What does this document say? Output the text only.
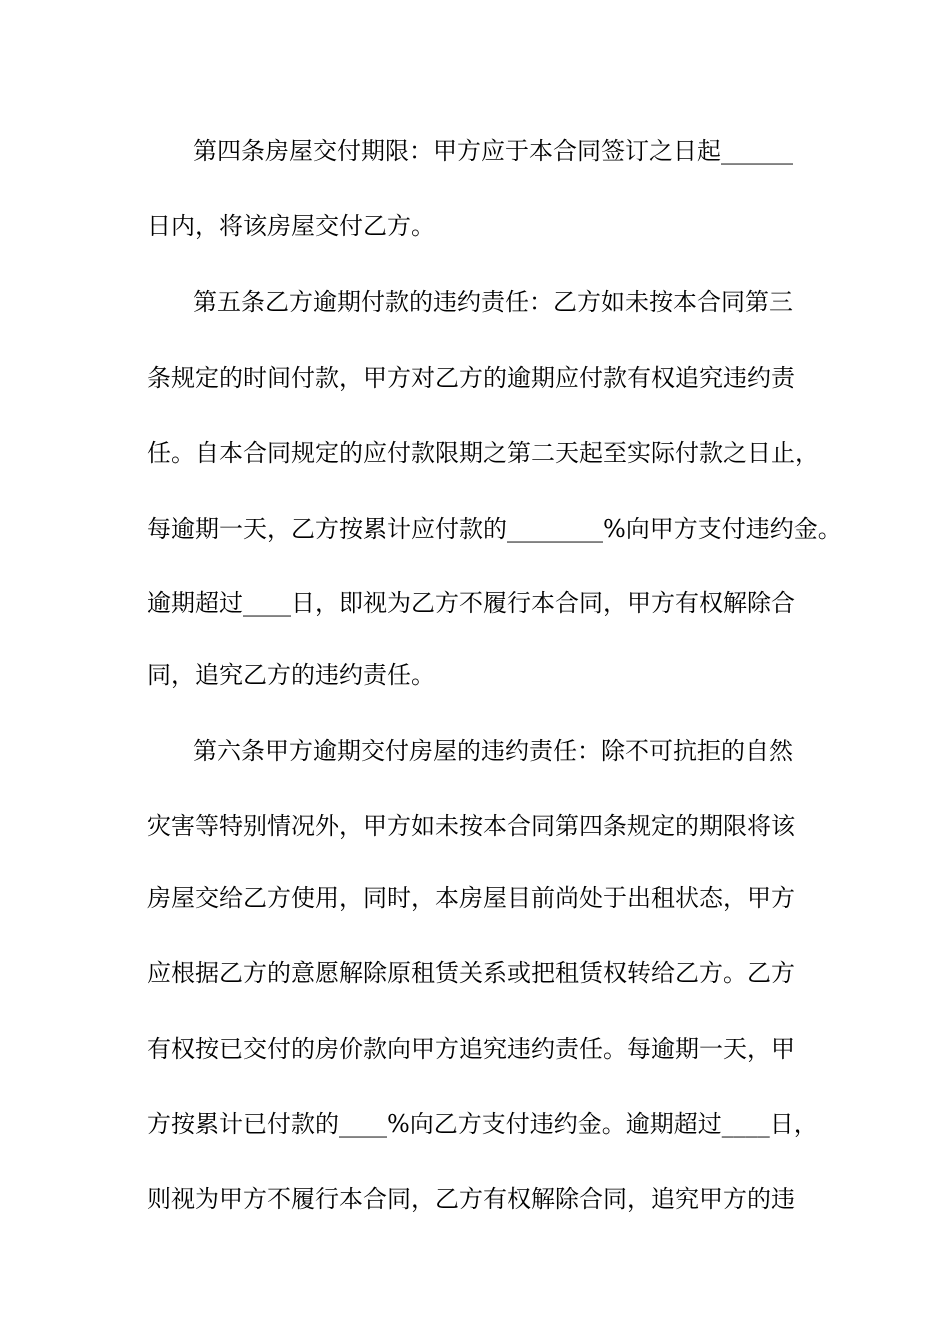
第四条房屋交付期限：甲方应于本合同签订之日起______
日内，将该房屋交付乙方。
第五条乙方逾期付款的违约责任：乙方如未按本合同第三
条规定的时间付款，甲方对乙方的逾期应付款有权追究违约责
任。自本合同规定的应付款限期之第二天起至实际付款之日止，
每逾期一天，乙方按累计应付款的________%向甲方支付违约金。
逾期超过____日，即视为乙方不履行本合同，甲方有权解除合
同，追究乙方的违约责任。
第六条甲方逾期交付房屋的违约责任：除不可抗拒的自然
灾害等特别情况外，甲方如未按本合同第四条规定的期限将该
房屋交给乙方使用，同时，本房屋目前尚处于出租状态，甲方
应根据乙方的意愿解除原租赁关系或把租赁权转给乙方。乙方
有权按已交付的房价款向甲方追究违约责任。每逾期一天，甲
方按累计已付款的____%向乙方支付违约金。逾期超过____日，
则视为甲方不履行本合同，乙方有权解除合同，追究甲方的违
